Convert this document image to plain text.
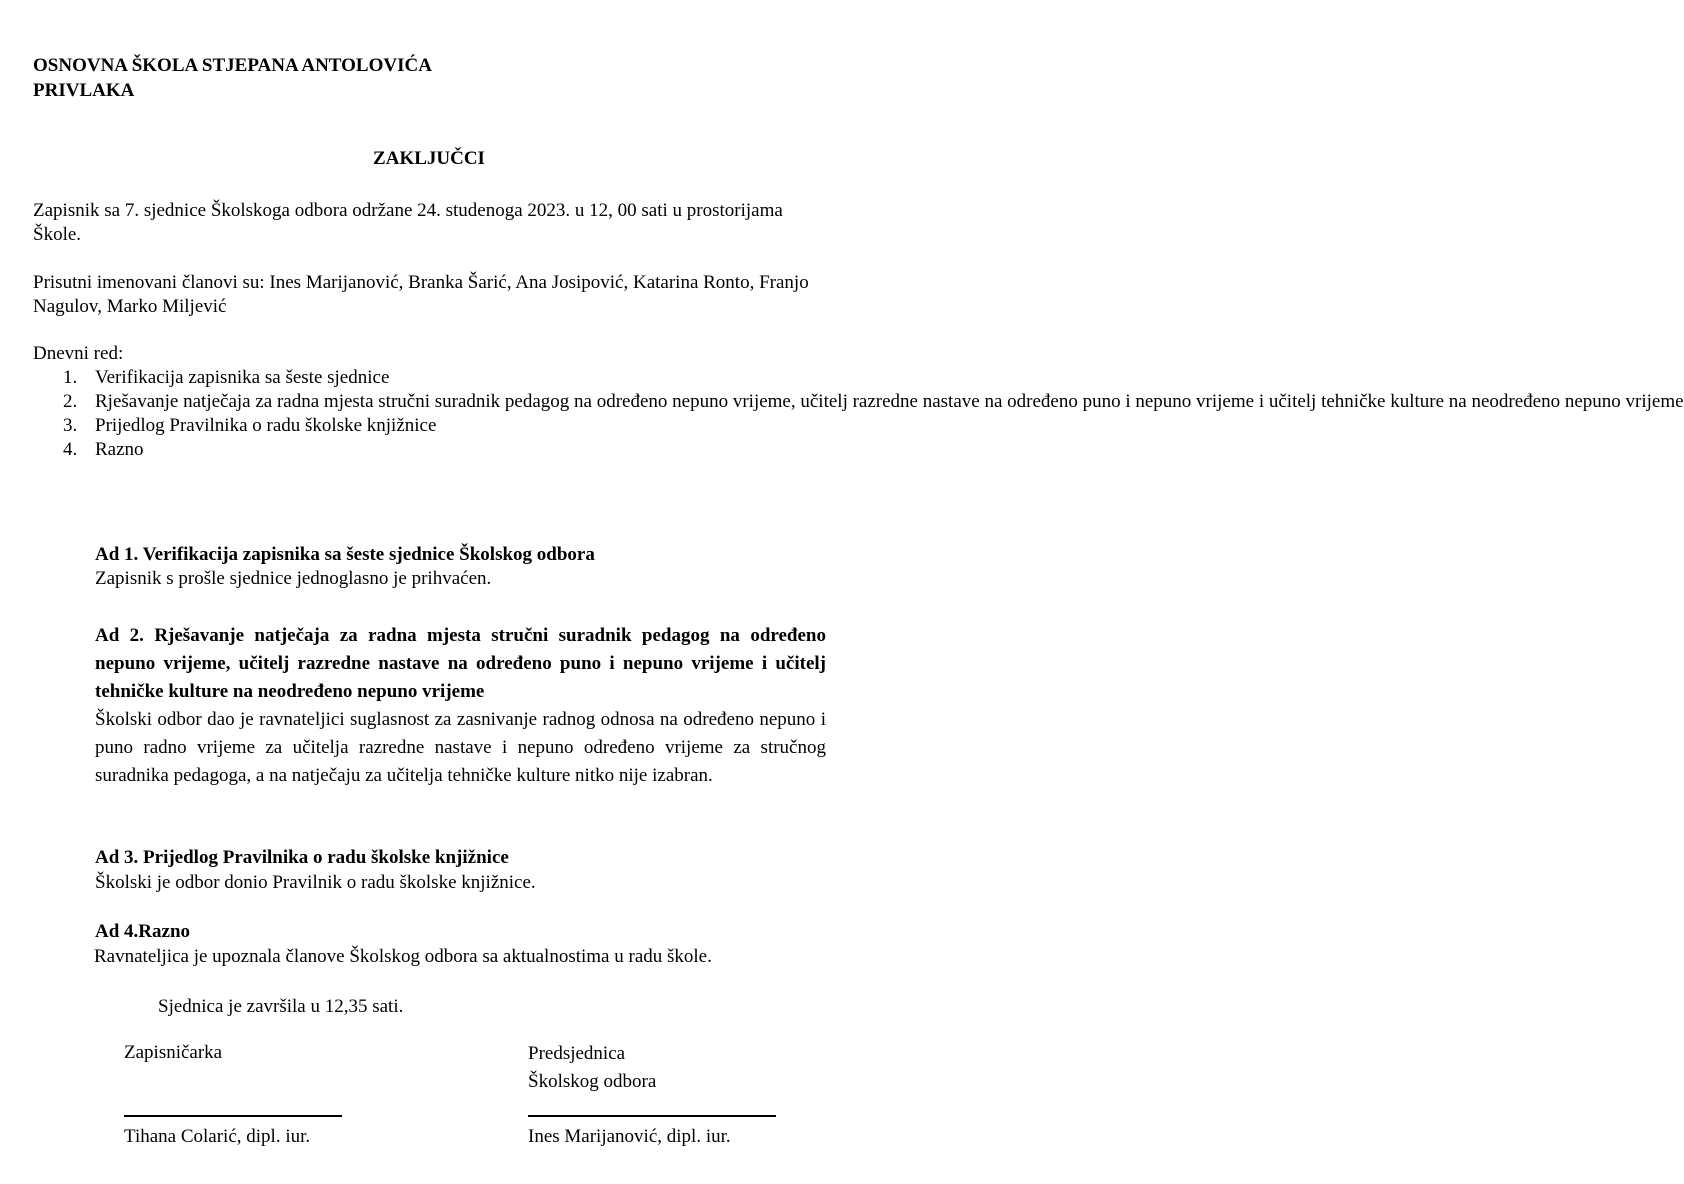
OSNOVNA ŠKOLA STJEPANA ANTOLOVIĆA
PRIVLAKA
ZAKLJUČCI
Zapisnik sa 7. sjednice Školskoga odbora održane 24. studenoga 2023. u 12, 00 sati u prostorijama Škole.
Prisutni imenovani članovi su: Ines Marijanović, Branka Šarić, Ana Josipović, Katarina Ronto, Franjo Nagulov, Marko Miljević
Dnevni red:
1. Verifikacija zapisnika sa šeste sjednice
2. Rješavanje natječaja za radna mjesta stručni suradnik pedagog na određeno nepuno vrijeme, učitelj razredne nastave na određeno puno i nepuno vrijeme i učitelj tehničke kulture na neodređeno nepuno vrijeme
3. Prijedlog Pravilnika o radu školske knjižnice
4. Razno
Ad 1. Verifikacija zapisnika sa šeste sjednice Školskog odbora
Zapisnik s prošle sjednice jednoglasno je prihvaćen.
Ad 2. Rješavanje natječaja za radna mjesta stručni suradnik pedagog na određeno nepuno vrijeme, učitelj razredne nastave na određeno puno i nepuno vrijeme i učitelj tehničke kulture na neodređeno nepuno vrijeme
Školski odbor dao je ravnateljici suglasnost za zasnivanje radnog odnosa na određeno nepuno i puno radno vrijeme za učitelja razredne nastave i nepuno određeno vrijeme za stručnog suradnika pedagoga, a na natječaju za učitelja tehničke kulture nitko nije izabran.
Ad 3. Prijedlog Pravilnika o radu školske knjižnice
Školski je odbor donio Pravilnik o radu školske knjižnice.
Ad 4.Razno
Ravnateljica je upoznala članove Školskog odbora sa aktualnostima u radu škole.
Sjednica je završila u 12,35 sati.
Zapisničarka	Predsjednica
Školskog odbora
Tihana Colarić, dipl. iur.	Ines Marijanović, dipl. iur.
